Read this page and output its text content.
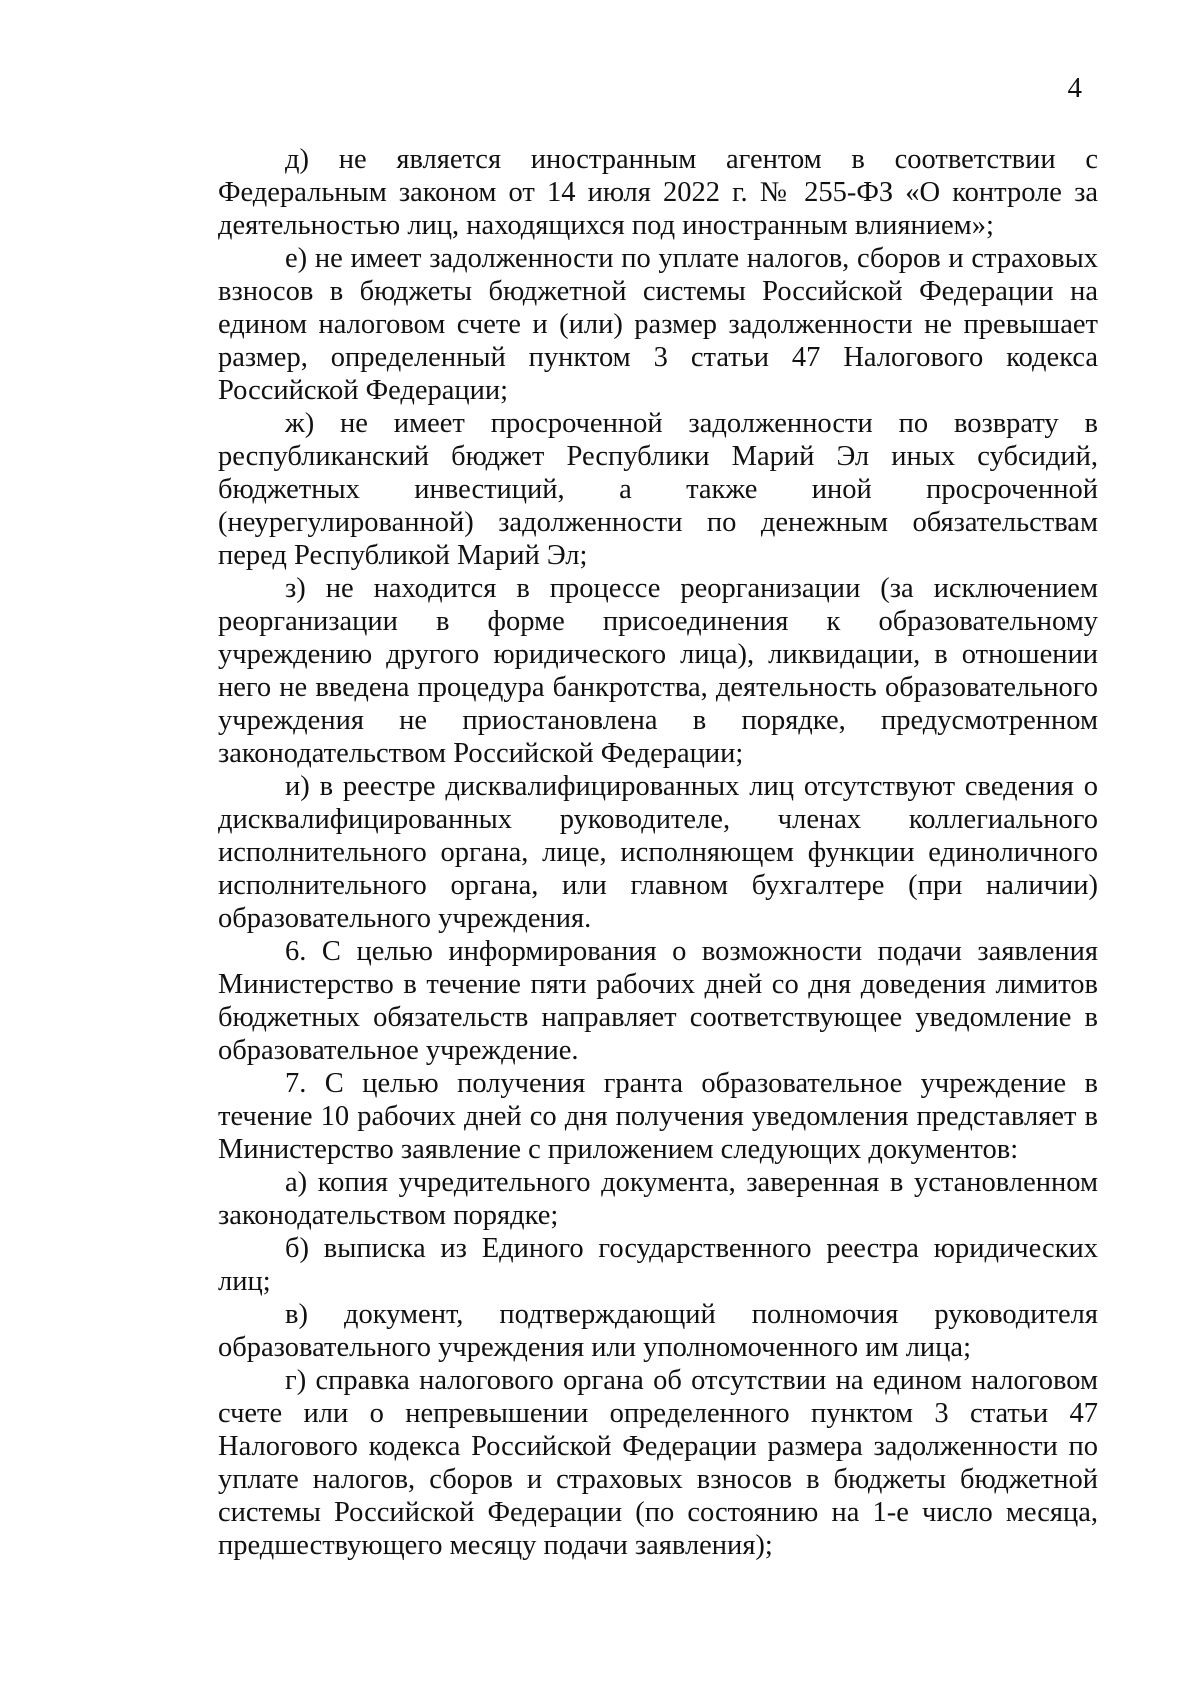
4

д) не является иностранным агентом в соответствии с Федеральным законом от 14 июля 2022 г. № 255-ФЗ «О контроле за деятельностью лиц, находящихся под иностранным влиянием»;

е) не имеет задолженности по уплате налогов, сборов и страховых взносов в бюджеты бюджетной системы Российской Федерации на едином налоговом счете и (или) размер задолженности не превышает размер, определенный пунктом 3 статьи 47 Налогового кодекса Российской Федерации;

ж) не имеет просроченной задолженности по возврату в республиканский бюджет Республики Марий Эл иных субсидий, бюджетных инвестиций, а также иной просроченной (неурегулированной) задолженности по денежным обязательствам перед Республикой Марий Эл;

з) не находится в процессе реорганизации (за исключением реорганизации в форме присоединения к образовательному учреждению другого юридического лица), ликвидации, в отношении него не введена процедура банкротства, деятельность образовательного учреждения не приостановлена в порядке, предусмотренном законодательством Российской Федерации;

и) в реестре дисквалифицированных лиц отсутствуют сведения о дисквалифицированных руководителе, членах коллегиального исполнительного органа, лице, исполняющем функции единоличного исполнительного органа, или главном бухгалтере (при наличии) образовательного учреждения.

6. С целью информирования о возможности подачи заявления Министерство в течение пяти рабочих дней со дня доведения лимитов бюджетных обязательств направляет соответствующее уведомление в образовательное учреждение.

7. С целью получения гранта образовательное учреждение в течение 10 рабочих дней со дня получения уведомления представляет в Министерство заявление с приложением следующих документов:

а) копия учредительного документа, заверенная в установленном законодательством порядке;

б) выписка из Единого государственного реестра юридических лиц;

в) документ, подтверждающий полномочия руководителя образовательного учреждения или уполномоченного им лица;

г) справка налогового органа об отсутствии на едином налоговом счете или о непревышении определенного пунктом 3 статьи 47 Налогового кодекса Российской Федерации размера задолженности по уплате налогов, сборов и страховых взносов в бюджеты бюджетной системы Российской Федерации (по состоянию на 1-е число месяца, предшествующего месяцу подачи заявления);
